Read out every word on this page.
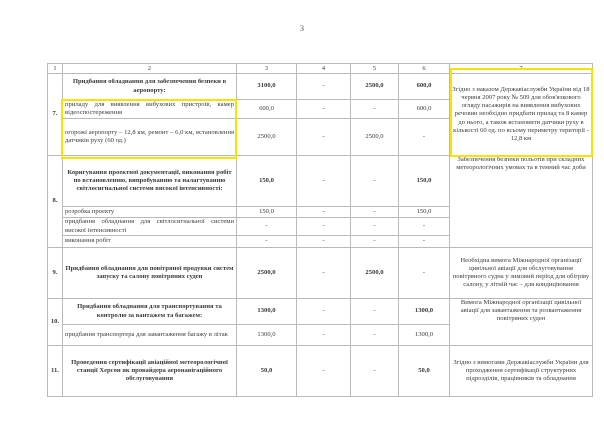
3
1	2	3	4	5	6	7
7.	Придбання обладнання для забезпечення безпеки в аеропорту:	3100,0	-	2500,0	600,0	Згідно з наказом Державіаслужби України від 18 червня 2007 року № 509 для обов'язкового огляду пасажирів на виявлення вибухових речовин необхідно придбати прилад та 8 камер до нього, а також встановити датчики руху в кількості 60 од. по всьому периметру території - 12,8 км
	приладу для виявлення вибухових пристроїв, камер відеоспостереження	600,0	-	-	600,0	
	огорожі аеропорту – 12,8 км, ремонт – 6,0 км, встановлення датчиків руху (60 од.)	2500,0	-	2500,0	-	
8.	Коригування проектної документації, виконання робіт по встановленню, випробуванню та налагтуванню світлосигнальної системи високої інтенсивності:	150,0	-	-	150,0	Забезпечення безпеки польотів при складних метеорологічних умовах та в темний час доби
	розробка проекту	150,0	-	-	150,0	
	придбання обладнання для світлосигнальної системи високої інтенсивності	-	-	-	-	
	виконання робіт	-	-	-	-	
9.	Придбання обладнання для повітряної продувки систем запуску та салону повітряних суден	2500,0	-	2500,0	-	Необхідна вимога Міжнародної організації цивільної авіації для обслуговування повітряного судна у зимовий період для обігріву салону, у літній час – для кондиціювання
10.	Придбання обладнання для транспортування та контролю за вантажем та багажем:	1300,0	-	-	1300,0	Вимога Міжнародної організації цивільної авіації для завантаження та розвантаження повітряних суден
	придбання транспортера для завантаження багажу в літак	1300,0	-	-	1300,0	
11.	Проведення сертифікації авіаційної метеорологічної станції Херсон як провайдера аеронавігаційного обслуговування	50,0	-	-	50,0	Згідно з вимогами Державіаслужби України для проходження сертифікації структурних підрозділів, працівників та обладнання
